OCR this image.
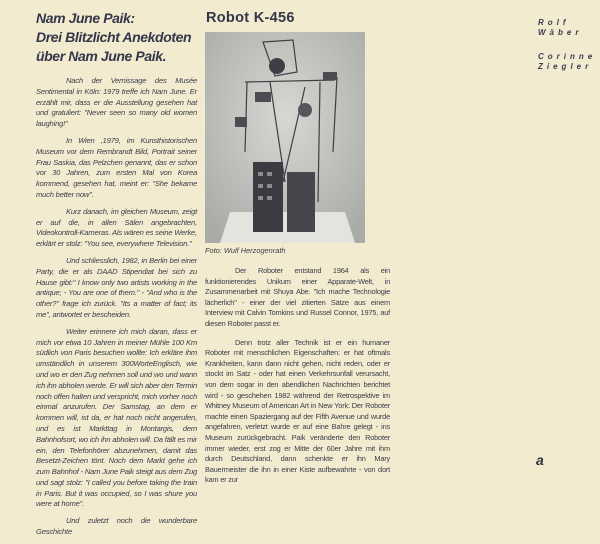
Nam June Paik:
Drei Blitzlicht Anekdoten
über Nam June Paik.
Robot K-456	Rolf
Wäber
Corinne
Ziegler

Nach der Vernissage des Musée Sentimental in Köln: 1979 treffe ich Nam June. Er erzählt mir, dass er die Ausstellung gesehen hat und gratuliert: "Never seen so many old women laughing!"

In Wien ,1979, im Kunsthistorischen Museum vor dem Rembrandt Bild, Portrait seiner Frau Saskia, das Pelzchen genannt, das er schon vor 30 Jahren, zum ersten Mal von Korea kommend, gesehen hat, meint er: "She bekame much better now".

Kurz danach, im gleichen Museum, zeigt er auf die, in allen Sälen angebrachten, Videokontroll-Kameras. Als wären es seine Werke, erklärt er stolz: "You see, everywhere Television."

Und schliesslich, 1982, in Berlin bei einer Party, die er als DAAD Stipendiat bei sich zu Hause gibt:" I know only two artists working in the antique; - You are one of them." - "And who is the other?" frage ich zurück. "Its a matter of fact; its me", antwortet er bescheiden.

Weiter erinnere ich mich daran, dass er mich vor etwa 10 Jahren in meiner Mühle 100 Km südlich von Paris besuchen wollte: Ich erkläre ihm umständlich in unserem 300WorteEnglisch, wie und wo er den Zug nehmen soll und wo und wann ich ihn abholen werde. Er will sich aber den Termin noch offen halten und verspricht, mich vorher noch einmal anzurufen. Der Samstag, an dem er kommen will, ist da, er hat noch nicht angerufen, und es ist Markttag in Montargis, dem Bahnhofsort, wo ich ihn abholen will. Da fällt es mir ein, den Telefonhörer abzunehmen, damit das Besetzt-Zeichen tönt. Noch dem Markt gehe ich zum Bahnhof - Nam June Paik steigt aus dem Zug und sagt stolz: "I called you before taking the train in Paris. But it was occupied, so I was shure you were at home".

Und zuletzt noch die wunderbare Geschichte

Foto: Wulf Herzogenrath

Der Roboter entstand 1964 als ein funktionierendes Unikum einer Apparate-Welt, in Zusammenarbeit mit Shuya Abe. "Ich mache Technologie lächerlich" - einer der viel zitierten Sätze aus einem Interview mit Calvin Tomkins und Russel Connor, 1975, auf diesen Roboter passt er.

Denn trotz aller Technik ist er ein humaner Roboter mit menschlichen Eigenschaften: er hat oftmals Krankheiten, kann dann nicht gehen, nicht reden, oder er stockt im Satz - oder hat einen Verkehrsunfall verursacht, von dem sogar in den abendlichen Nachrichten berichtet wird - so geschehen 1982 während der Retrospektive im Whitney Museum of American Art in New York: Der Roboter machte einen Spaziergang auf der Fifth Avenue und wurde angefahren, verletzt wurde er auf eine Bahre gelegt - ins Museum zurückgebracht. Paik veränderte den Roboter immer wieder, erst zog er Mitte der 60er Jahre mit ihm durch Deutschland, dann schenkte er ihn Mary Bauermeister die ihn in einer Kiste aufbewahrte - von dort kam er zur

a
